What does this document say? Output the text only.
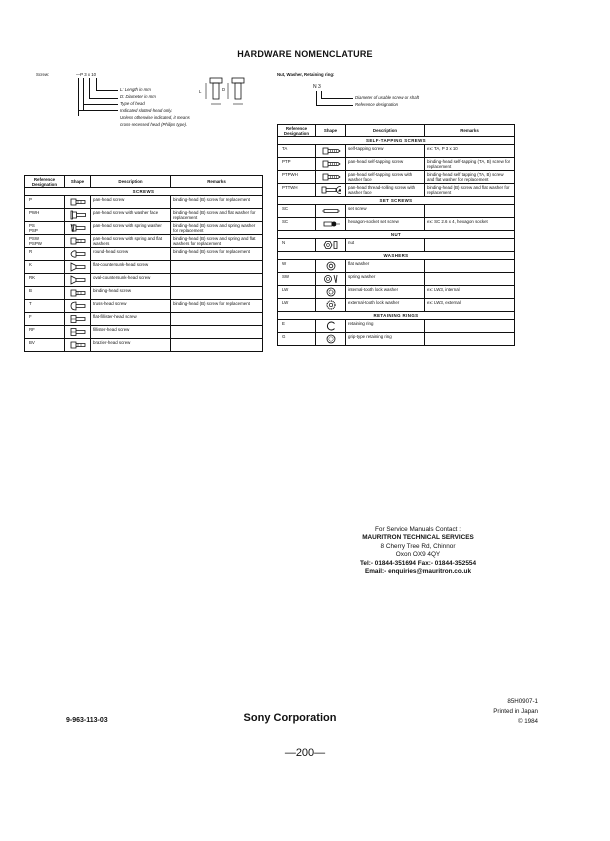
HARDWARE NOMENCLATURE
Screw:	—P 3 x 10
L: Length in mm
D: Diameter in mm
Type of head
Indicated slotted-head only.
Unless otherwise indicated, it means
cross-recessed head (Philips type).
L	D
Nut, Washer, Retaining ring:
N 3
Diameter of usable screw or shaft
Reference designation
Reference Designation	Shape	Description	Remarks
SCREWS			
P		pan-head screw	binding-head (B) screw for replacement
PWH		pan-head screw with washer face	binding-head (B) screw and flat washer for replacement
PS
PSP		pan-head screw with spring washer	binding-head (B) screw and spring washer for replacement
PSW
PSPW		pan-head screw with spring and flat washers	binding-head (B) screw and spring and flat washers for replacement
R		round-head screw	binding-head (B) screw for replacement
K		flat-countersunk-head screw	
RK		oval-countersunk-head screw	
B		binding-head screw	
T		truss-head screw	binding-head (B) screw for replacement
F		flat-fillister-head screw	
RF		fillister-head screw	
BV		brazier-head screw	
Reference Designation	Shape	Description	Remarks
SELF-TAPPING SCREWS			
TA		self-tapping screw	ex: TA, P 3 x 10
PTP		pan-head self-tapping screw	binding-head self-tapping (TA, B) screw for replacement
PTPWH		pan-head self-tapping screw with washer face	binding-head self tapping (TA, B) screw and flat washer for replacement
PTTWH		pan-head thread-rolling screw with washer face	binding-head (B) screw and flat washer for replacement
SET SCREWS			
SC		set screw	
SC		hexagon-socket set screw	ex: SC 2.6 x 4, hexagon socket
NUT			
N		nut	
WASHERS			
W		flat washer	
SW		spring washer	
LW		internal-tooth lock washer	ex: LW3, internal
LW		external-tooth lock washer	ex: LW3, external
RETAINING RINGS			
E		retaining ring	
G		grip-type retaining ring	
For Service Manuals Contact :
MAURITRON TECHNICAL SERVICES
8 Cherry Tree Rd, Chinnor
Oxon OX9 4QY
Tel:- 01844-351694 Fax:- 01844-352554
Email:- enquiries@mauritron.co.uk
9-963-113-03	Sony Corporation
85H0907-1
Printed in Japan
© 1984
—200—
